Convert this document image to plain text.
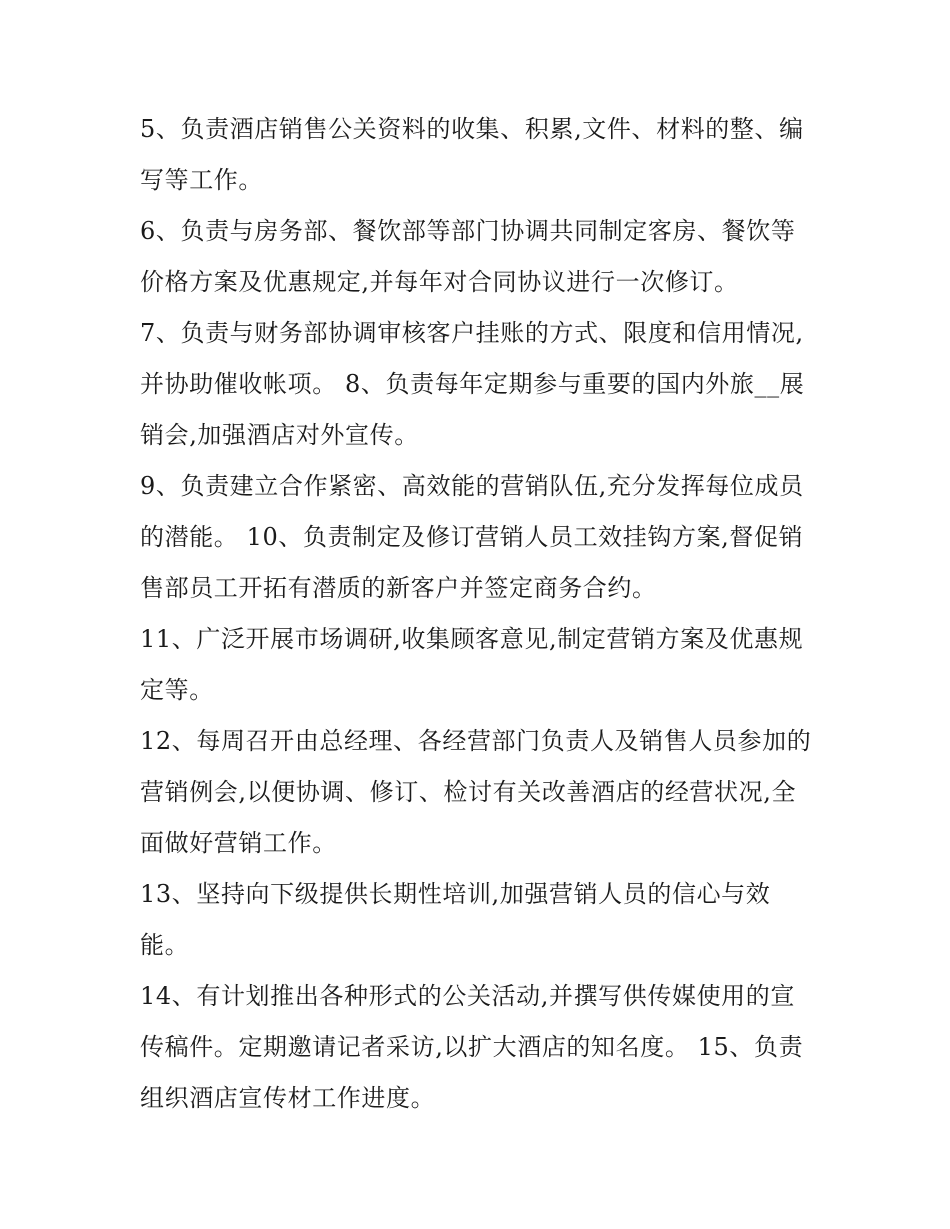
5、负责酒店销售公关资料的收集、积累,文件、材料的整、编写等工作。

6、负责与房务部、餐饮部等部门协调共同制定客房、餐饮等价格方案及优惠规定,并每年对合同协议进行一次修订。

7、负责与财务部协调审核客户挂账的方式、限度和信用情况,并协助催收帐项。 8、负责每年定期参与重要的国内外旅__展销会,加强酒店对外宣传。

9、负责建立合作紧密、高效能的营销队伍,充分发挥每位成员的潜能。 10、负责制定及修订营销人员工效挂钩方案,督促销售部员工开拓有潜质的新客户并签定商务合约。

11、广泛开展市场调研,收集顾客意见,制定营销方案及优惠规定等。

12、每周召开由总经理、各经营部门负责人及销售人员参加的营销例会,以便协调、修订、检讨有关改善酒店的经营状况,全面做好营销工作。

13、坚持向下级提供长期性培训,加强营销人员的信心与效能。

14、有计划推出各种形式的公关活动,并撰写供传媒使用的宣传稿件。定期邀请记者采访,以扩大酒店的知名度。 15、负责组织酒店宣传材工作进度。
